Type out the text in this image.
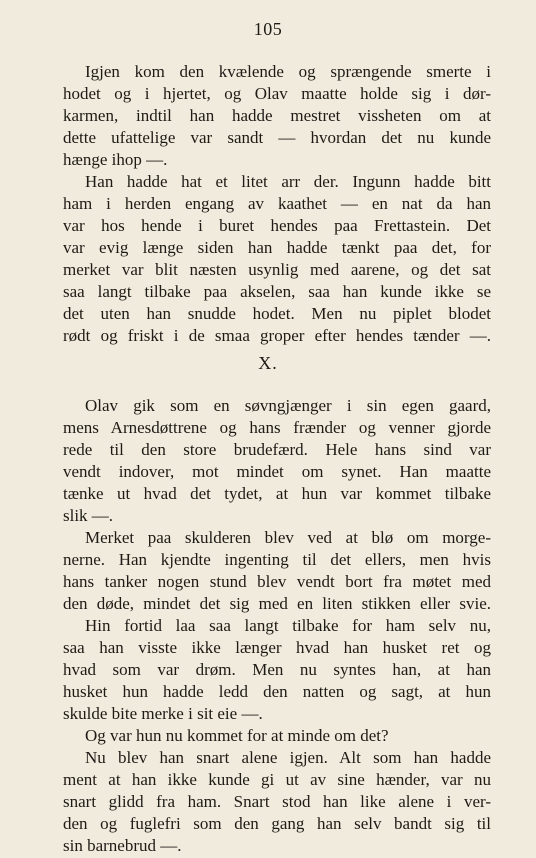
105
Igjen kom den kvælende og sprængende smerte i
hodet og i hjertet, og Olav maatte holde sig i dør-
karmen, indtil han hadde mestret vissheten om at
dette ufattelige var sandt — hvordan det nu kunde
hænge ihop —.
Han hadde hat et litet arr der. Ingunn hadde bitt
ham i herden engang av kaathet — en nat da han
var hos hende i buret hendes paa Frettastein. Det
var evig længe siden han hadde tænkt paa det, for
merket var blit næsten usynlig med aarene, og det sat
saa langt tilbake paa akselen, saa han kunde ikke se
det uten han snudde hodet. Men nu piplet blodet
rødt og friskt i de smaa groper efter hendes tænder —.
X.
Olav gik som en søvngjænger i sin egen gaard,
mens Arnesdøttrene og hans frænder og venner gjorde
rede til den store brudefærd. Hele hans sind var
vendt indover, mot mindet om synet. Han maatte
tænke ut hvad det tydet, at hun var kommet tilbake
slik —.
Merket paa skulderen blev ved at blø om morge-
nerne. Han kjendte ingenting til det ellers, men hvis
hans tanker nogen stund blev vendt bort fra møtet med
den døde, mindet det sig med en liten stikken eller svie.
Hin fortid laa saa langt tilbake for ham selv nu,
saa han visste ikke længer hvad han husket ret og
hvad som var drøm. Men nu syntes han, at han
husket hun hadde ledd den natten og sagt, at hun
skulde bite merke i sit eie —.
Og var hun nu kommet for at minde om det?
Nu blev han snart alene igjen. Alt som han hadde
ment at han ikke kunde gi ut av sine hænder, var nu
snart glidd fra ham. Snart stod han like alene i ver-
den og fuglefri som den gang han selv bandt sig til
sin barnebrud —.
